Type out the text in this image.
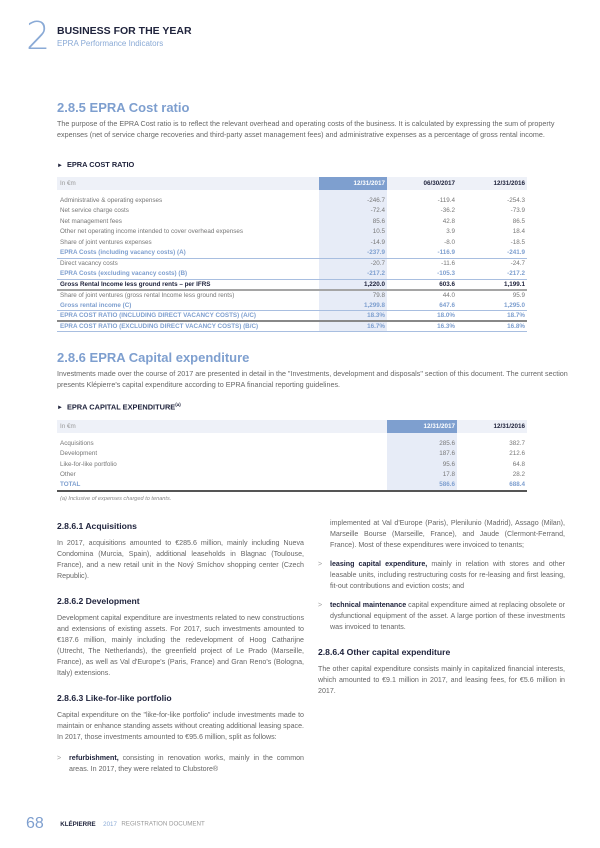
2 BUSINESS FOR THE YEAR
EPRA Performance Indicators
2.8.5 EPRA Cost ratio
The purpose of the EPRA Cost ratio is to reflect the relevant overhead and operating costs of the business. It is calculated by expressing the sum of property expenses (net of service charge recoveries and third-party asset management fees) and administrative expenses as a percentage of gross rental income.
► EPRA COST RATIO
In €m	12/31/2017	06/30/2017	12/31/2016

Administrative & operating expenses	-246.7	-119.4	-254.3
Net service charge costs	-72.4	-36.2	-73.9
Net management fees	85.6	42.8	86.5
Other net operating income intended to cover overhead expenses	10.5	3.9	18.4
Share of joint ventures expenses	-14.9	-8.0	-18.5
EPRA Costs (including vacancy costs) (A)	-237.9	-116.9	-241.9
Direct vacancy costs	-20.7	-11.6	-24.7
EPRA Costs (excluding vacancy costs) (B)	-217.2	-105.3	-217.2
Gross Rental Income less ground rents – per IFRS	1,220.0	603.6	1,199.1
Share of joint ventures (gross rental Income less ground rents)	79.8	44.0	95.9
Gross rental income (C)	1,299.8	647.6	1,295.0
EPRA COST RATIO (INCLUDING DIRECT VACANCY COSTS) (A/C)	18.3%	18.0%	18.7%
EPRA COST RATIO (EXCLUDING DIRECT VACANCY COSTS) (B/C)	16.7%	16.3%	16.8%
2.8.6 EPRA Capital expenditure
Investments made over the course of 2017 are presented in detail in the "Investments, development and disposals" section of this document. The current section presents Klépierre's capital expenditure according to EPRA financial reporting guidelines.
► EPRA CAPITAL EXPENDITURE$^{(a)}$
In €m	12/31/2017	12/31/2016

Acquisitions	285.6	382.7
Development	187.6	212.6
Like-for-like portfolio	95.6	64.8
Other	17.8	28.2
TOTAL	586.6	688.4
(a) Inclusive of expenses charged to tenants.
2.8.6.1 Acquisitions

In 2017, acquisitions amounted to €285.6 million, mainly including Nueva Condomina (Murcia, Spain), additional leaseholds in Blagnac (Toulouse, France), and a new retail unit in the Nový Smíchov shopping center (Czech Republic).

2.8.6.2 Development

Development capital expenditure are investments related to new constructions and extensions of existing assets. For 2017, such investments amounted to €187.6 million, mainly including the redevelopment of Hoog Catharijne (Utrecht, The Netherlands), the greenfield project of Le Prado (Marseille, France), as well as Val d'Europe's (Paris, France) and Gran Reno's (Bologna, Italy) extensions.

2.8.6.3 Like-for-like portfolio

Capital expenditure on the "like-for-like portfolio" include investments made to maintain or enhance standing assets without creating additional leasing space. In 2017, those investments amounted to €95.6 million, split as follows:

> refurbishment, consisting in renovation works, mainly in the common areas. In 2017, they were related to Clubstore®
implemented at Val d'Europe (Paris), Plenilunio (Madrid), Assago (Milan), Marseille Bourse (Marseille, France), and Jaude (Clermont-Ferrand, France). Most of these expenditures were invoiced to tenants;
> leasing capital expenditure, mainly in relation with stores and other leasable units, including restructuring costs for re-leasing and first leasing, fit-out contributions and eviction costs; and
> technical maintenance capital expenditure aimed at replacing obsolete or dysfunctional equipment of the asset. A large portion of these investments was invoiced to tenants.
2.8.6.4 Other capital expenditure

The other capital expenditure consists mainly in capitalized financial interests, which amounted to €9.1 million in 2017, and leasing fees, for €5.6 million in 2017.

68	KLÉPIERRE 2017 REGISTRATION DOCUMENT
